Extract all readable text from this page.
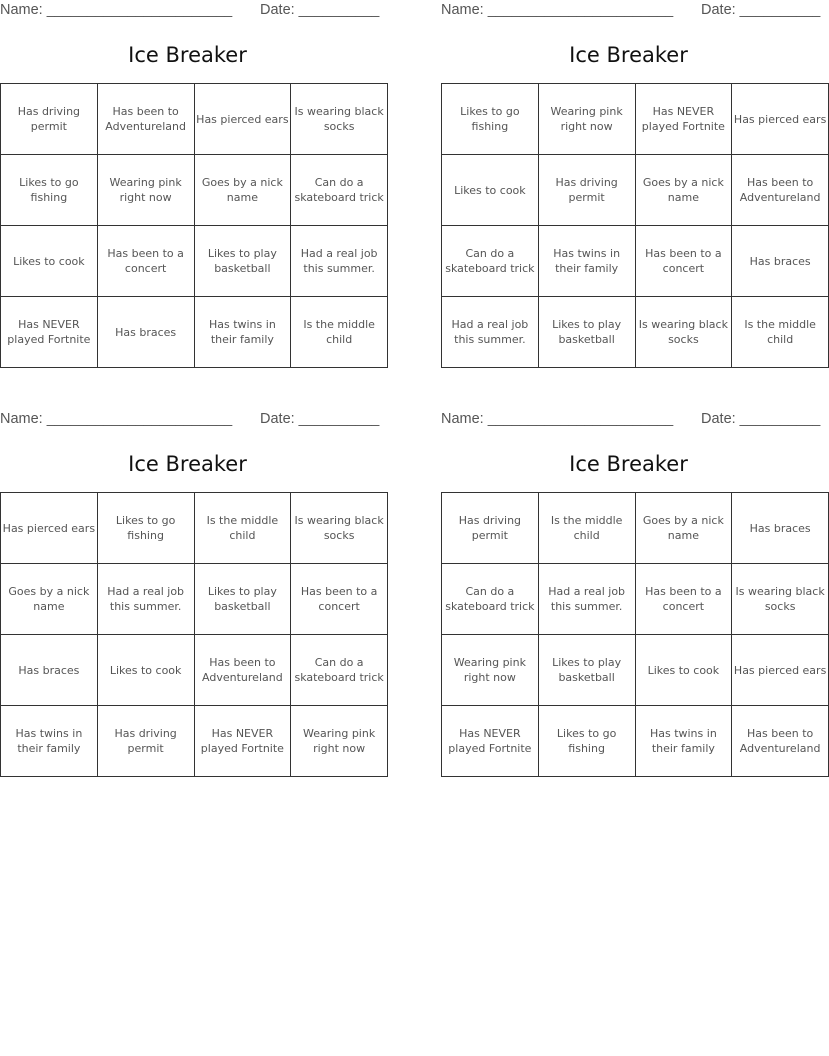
Name: _______________________ Date: __________
Ice Breaker
Has driving permit	Has been to Adventureland	Has pierced ears	Is wearing black socks
Likes to go fishing	Wearing pink right now	Goes by a nick name	Can do a skateboard trick
Likes to cook	Has been to a concert	Likes to play basketball	Had a real job this summer.
Has NEVER played Fortnite	Has braces	Has twins in their family	Is the middle child
Name: _______________________ Date: __________
Ice Breaker
Likes to go fishing	Wearing pink right now	Has NEVER played Fortnite	Has pierced ears
Likes to cook	Has driving permit	Goes by a nick name	Has been to Adventureland
Can do a skateboard trick	Has twins in their family	Has been to a concert	Has braces
Had a real job this summer.	Likes to play basketball	Is wearing black socks	Is the middle child
Name: _______________________ Date: __________
Ice Breaker
Has pierced ears	Likes to go fishing	Is the middle child	Is wearing black socks
Goes by a nick name	Had a real job this summer.	Likes to play basketball	Has been to a concert
Has braces	Likes to cook	Has been to Adventureland	Can do a skateboard trick
Has twins in their family	Has driving permit	Has NEVER played Fortnite	Wearing pink right now
Name: _______________________ Date: __________
Ice Breaker
Has driving permit	Is the middle child	Goes by a nick name	Has braces
Can do a skateboard trick	Had a real job this summer.	Has been to a concert	Is wearing black socks
Wearing pink right now	Likes to play basketball	Likes to cook	Has pierced ears
Has NEVER played Fortnite	Likes to go fishing	Has twins in their family	Has been to Adventureland
